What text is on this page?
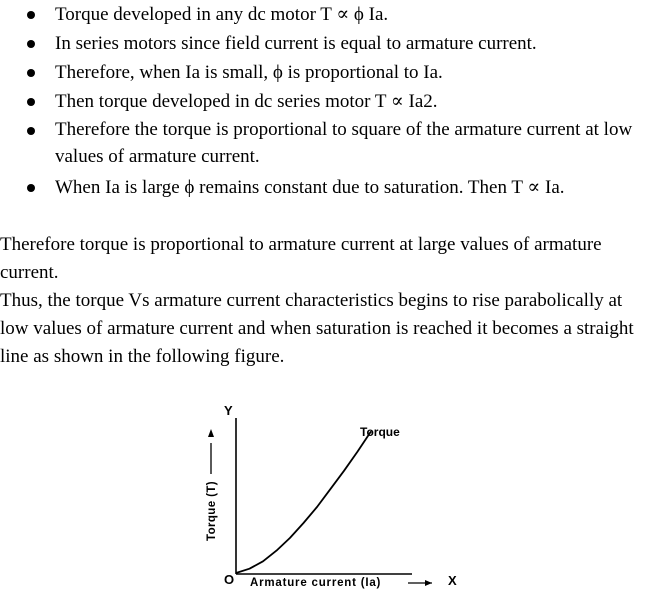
Torque developed in any dc motor T ∝ ϕ Ia.
In series motors since field current is equal to armature current.
Therefore, when Ia is small, ϕ is proportional to Ia.
Then torque developed in dc series motor T ∝ Ia2.
Therefore the torque is proportional to square of the armature current at low values of armature current.
When Ia is large ϕ remains constant due to saturation. Then T ∝ Ia.

Therefore torque is proportional to armature current at large values of armature current.

Thus, the torque Vs armature current characteristics begins to rise parabolically at low values of armature current and when saturation is reached it becomes a straight line as shown in the following figure.

Y
O	X
Armature current (Ia)
Torque (T)
Torque
